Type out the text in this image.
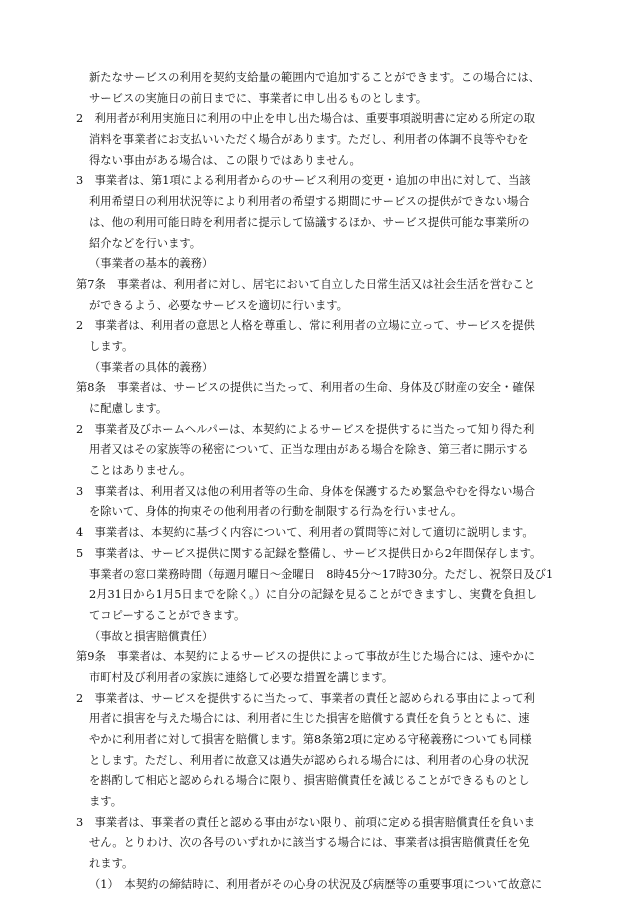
新たなサービスの利用を契約支給量の範囲内で追加することができます。この場合には、
サービスの実施日の前日までに、事業者に申し出るものとします。
2　利用者が利用実施日に利用の中止を申し出た場合は、重要事項説明書に定める所定の取
消料を事業者にお支払いいただく場合があります。ただし、利用者の体調不良等やむを
得ない事由がある場合は、この限りではありません。
3　事業者は、第1項による利用者からのサービス利用の変更・追加の申出に対して、当該
利用希望日の利用状況等により利用者の希望する期間にサービスの提供ができない場合
は、他の利用可能日時を利用者に提示して協議するほか、サービス提供可能な事業所の
紹介などを行います。
（事業者の基本的義務）
第7条　事業者は、利用者に対し、居宅において自立した日常生活又は社会生活を営むこと
ができるよう、必要なサービスを適切に行います。
2　事業者は、利用者の意思と人格を尊重し、常に利用者の立場に立って、サービスを提供
します。
（事業者の具体的義務）
第8条　事業者は、サービスの提供に当たって、利用者の生命、身体及び財産の安全・確保
に配慮します。
2　事業者及びホームヘルパーは、本契約によるサービスを提供するに当たって知り得た利
用者又はその家族等の秘密について、正当な理由がある場合を除き、第三者に開示する
ことはありません。
3　事業者は、利用者又は他の利用者等の生命、身体を保護するため緊急やむを得ない場合
を除いて、身体的拘束その他利用者の行動を制限する行為を行いません。
4　事業者は、本契約に基づく内容について、利用者の質問等に対して適切に説明します。
5　事業者は、サービス提供に関する記録を整備し、サービス提供日から2年間保存します。
事業者の窓口業務時間（毎週月曜日～金曜日　8時45分～17時30分。ただし、祝祭日及び1
2月31日から1月5日までを除く。）に自分の記録を見ることができますし、実費を負担し
てコピーすることができます。
（事故と損害賠償責任）
第9条　事業者は、本契約によるサービスの提供によって事故が生じた場合には、速やかに
市町村及び利用者の家族に連絡して必要な措置を講じます。
2　事業者は、サービスを提供するに当たって、事業者の責任と認められる事由によって利
用者に損害を与えた場合には、利用者に生じた損害を賠償する責任を負うとともに、速
やかに利用者に対して損害を賠償します。第8条第2項に定める守秘義務についても同様
とします。ただし、利用者に故意又は過失が認められる場合には、利用者の心身の状況
を斟酌して相応と認められる場合に限り、損害賠償責任を減じることができるものとし
ます。
3　事業者は、事業者の責任と認める事由がない限り、前項に定める損害賠償責任を負いま
せん。とりわけ、次の各号のいずれかに該当する場合には、事業者は損害賠償責任を免
れます。
（1）　本契約の締結時に、利用者がその心身の状況及び病歴等の重要事項について故意に
